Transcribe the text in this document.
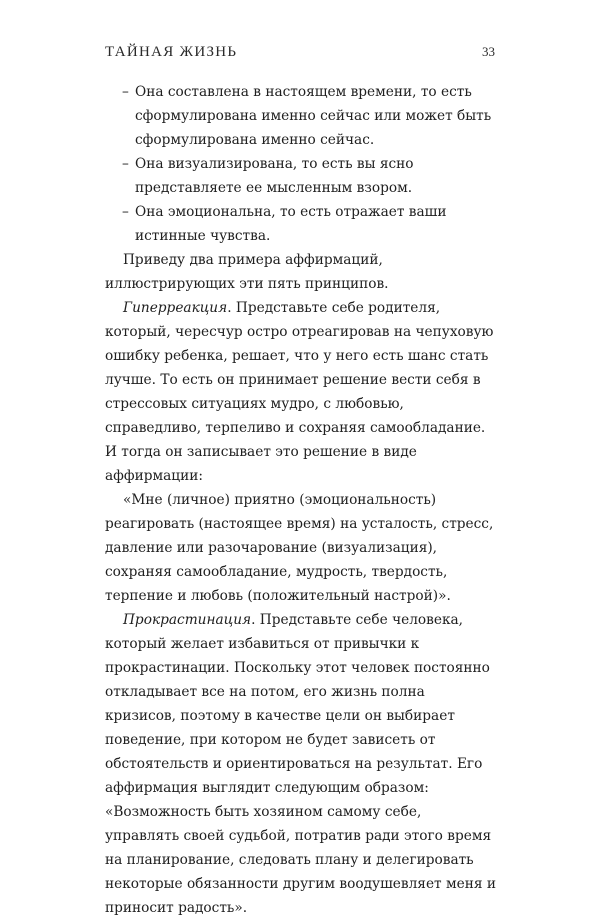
ТАЙНАЯ ЖИЗНЬ	33
– Она составлена в настоящем времени, то есть сформулирована именно сейчас или может быть сформулирована именно сейчас.
– Она визуализирована, то есть вы ясно представляете ее мысленным взором.
– Она эмоциональна, то есть отражает ваши истинные чувства.

Приведу два примера аффирмаций, иллюстрирующих эти пять принципов.

Гиперреакция. Представьте себе родителя, который, чересчур остро отреагировав на чепуховую ошибку ребенка, решает, что у него есть шанс стать лучше. То есть он принимает решение вести себя в стрессовых ситуациях мудро, с любовью, справедливо, терпеливо и сохраняя самообладание. И тогда он записывает это решение в виде аффирмации:

«Мне (личное) приятно (эмоциональность) реагировать (настоящее время) на усталость, стресс, давление или разочарование (визуализация), сохраняя самообладание, мудрость, твердость, терпение и любовь (положительный настрой)».

Прокрастинация. Представьте себе человека, который желает избавиться от привычки к прокрастинации. Поскольку этот человек постоянно откладывает все на потом, его жизнь полна кризисов, поэтому в качестве цели он выбирает поведение, при котором не будет зависеть от обстоятельств и ориентироваться на результат. Его аффирмация выглядит следующим образом:

«Возможность быть хозяином самому себе, управлять своей судьбой, потратив ради этого время на планирование, следовать плану и делегировать некоторые обязанности другим воодушевляет меня и приносит радость».
